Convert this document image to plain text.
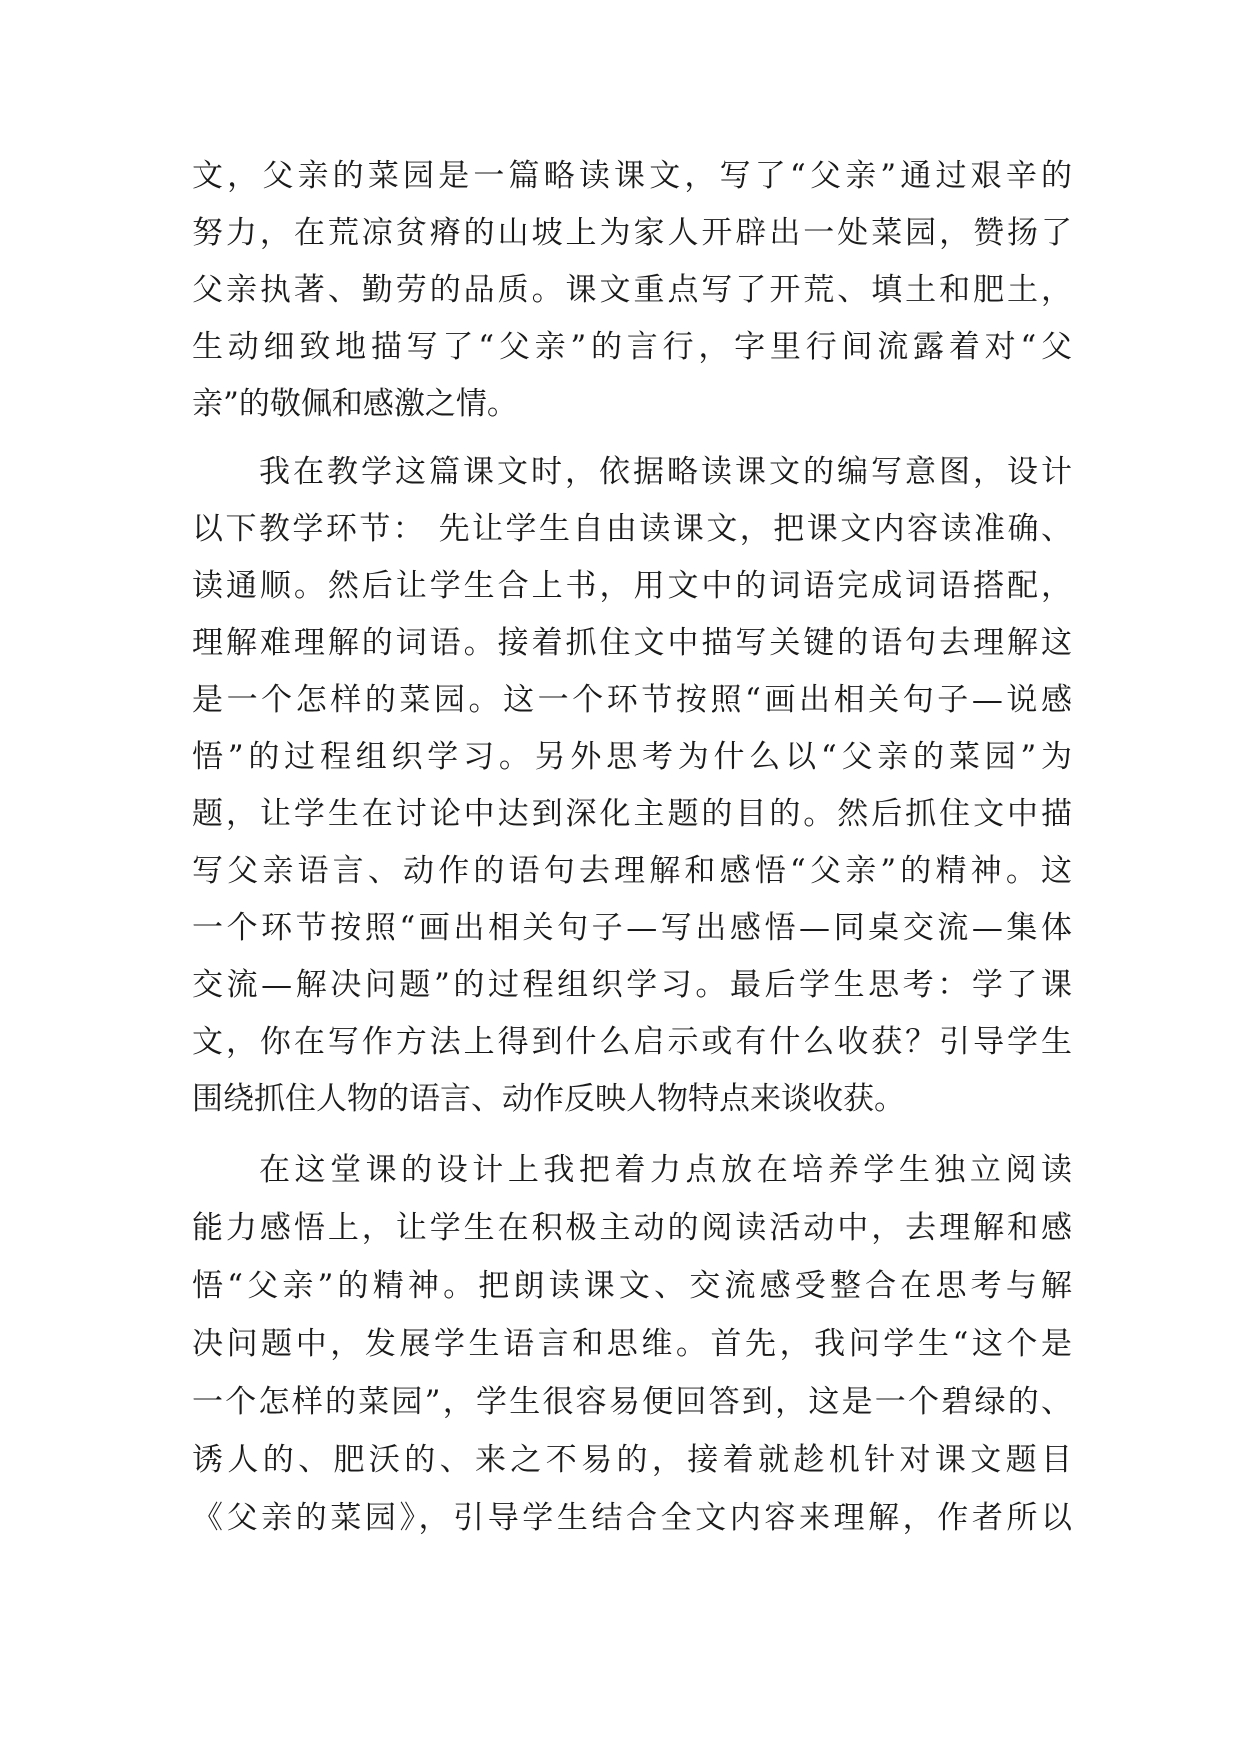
文，父亲的菜园是一篇略读课文，写了“父亲”通过艰辛的
努力，在荒凉贫瘠的山坡上为家人开辟出一处菜园，赞扬了
父亲执著、勤劳的品质。课文重点写了开荒、填土和肥土，
生动细致地描写了“父亲”的言行，字里行间流露着对“父
亲”的敬佩和感激之情。
我在教学这篇课文时，依据略读课文的编写意图，设计
以下教学环节： 先让学生自由读课文，把课文内容读准确、
读通顺。然后让学生合上书，用文中的词语完成词语搭配，
理解难理解的词语。接着抓住文中描写关键的语句去理解这
是一个怎样的菜园。这一个环节按照“画出相关句子—说感
悟”的过程组织学习。另外思考为什么以“父亲的菜园”为
题，让学生在讨论中达到深化主题的目的。然后抓住文中描
写父亲语言、动作的语句去理解和感悟“父亲”的精神。这
一个环节按照“画出相关句子—写出感悟—同桌交流—集体
交流—解决问题”的过程组织学习。最后学生思考：学了课
文，你在写作方法上得到什么启示或有什么收获？引导学生
围绕抓住人物的语言、动作反映人物特点来谈收获。
在这堂课的设计上我把着力点放在培养学生独立阅读
能力感悟上，让学生在积极主动的阅读活动中，去理解和感
悟“父亲”的精神。把朗读课文、交流感受整合在思考与解
决问题中，发展学生语言和思维。首先，我问学生“这个是
一个怎样的菜园”，学生很容易便回答到，这是一个碧绿的、
诱人的、肥沃的、来之不易的，接着就趁机针对课文题目
《父亲的菜园》，引导学生结合全文内容来理解，作者所以
